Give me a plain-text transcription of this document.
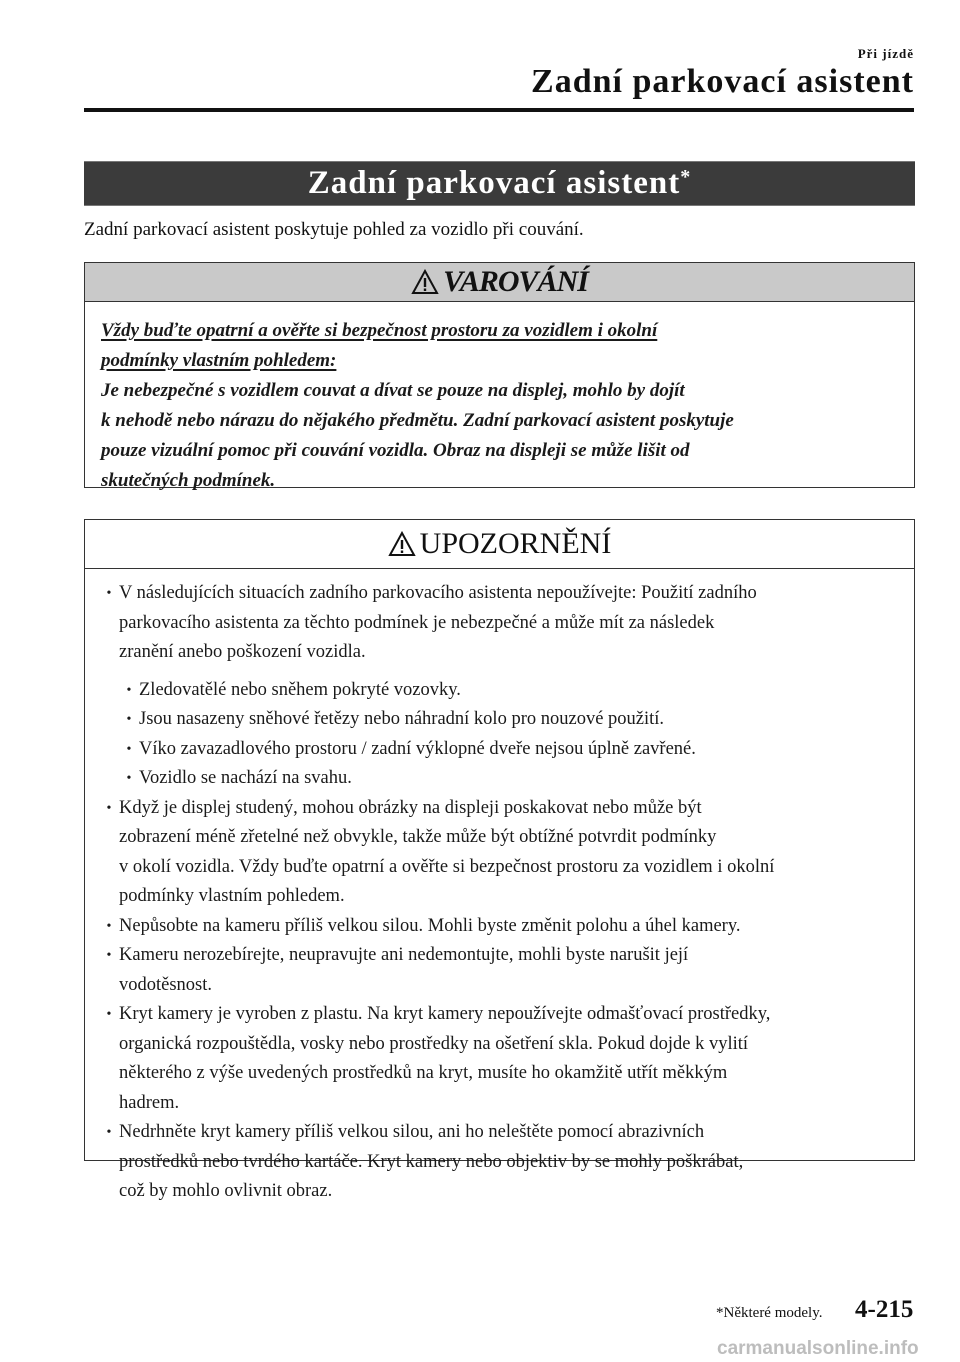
Při jízdě
Zadní parkovací asistent
Zadní parkovací asistent*
Zadní parkovací asistent poskytuje pohled za vozidlo při couvání.
VAROVÁNÍ
Vždy buďte opatrní a ověřte si bezpečnost prostoru za vozidlem i okolní
podmínky vlastním pohledem:
Je nebezpečné s vozidlem couvat a dívat se pouze na displej, mohlo by dojít
k nehodě nebo nárazu do nějakého předmětu. Zadní parkovací asistent poskytuje
pouze vizuální pomoc při couvání vozidla. Obraz na displeji se může lišit od
skutečných podmínek.
UPOZORNĚNÍ
• V následujících situacích zadního parkovacího asistenta nepoužívejte: Použití zadního
parkovacího asistenta za těchto podmínek je nebezpečné a může mít za následek
zranění anebo poškození vozidla.
• Zledovatělé nebo sněhem pokryté vozovky.
• Jsou nasazeny sněhové řetězy nebo náhradní kolo pro nouzové použití.
• Víko zavazadlového prostoru / zadní výklopné dveře nejsou úplně zavřené.
• Vozidlo se nachází na svahu.
• Když je displej studený, mohou obrázky na displeji poskakovat nebo může být
zobrazení méně zřetelné než obvykle, takže může být obtížné potvrdit podmínky
v okolí vozidla. Vždy buďte opatrní a ověřte si bezpečnost prostoru za vozidlem i okolní
podmínky vlastním pohledem.
• Nepůsobte na kameru příliš velkou silou. Mohli byste změnit polohu a úhel kamery.
• Kameru nerozebírejte, neupravujte ani nedemontujte, mohli byste narušit její
vodotěsnost.
• Kryt kamery je vyroben z plastu. Na kryt kamery nepoužívejte odmašťovací prostředky,
organická rozpouštědla, vosky nebo prostředky na ošetření skla. Pokud dojde k vylití
některého z výše uvedených prostředků na kryt, musíte ho okamžitě utřít měkkým
hadrem.
• Nedrhněte kryt kamery příliš velkou silou, ani ho neleštěte pomocí abrazivních
prostředků nebo tvrdého kartáče. Kryt kamery nebo objektiv by se mohly poškrábat,
což by mohlo ovlivnit obraz.
*Některé modely. 4-215
carmanualsonline.info
